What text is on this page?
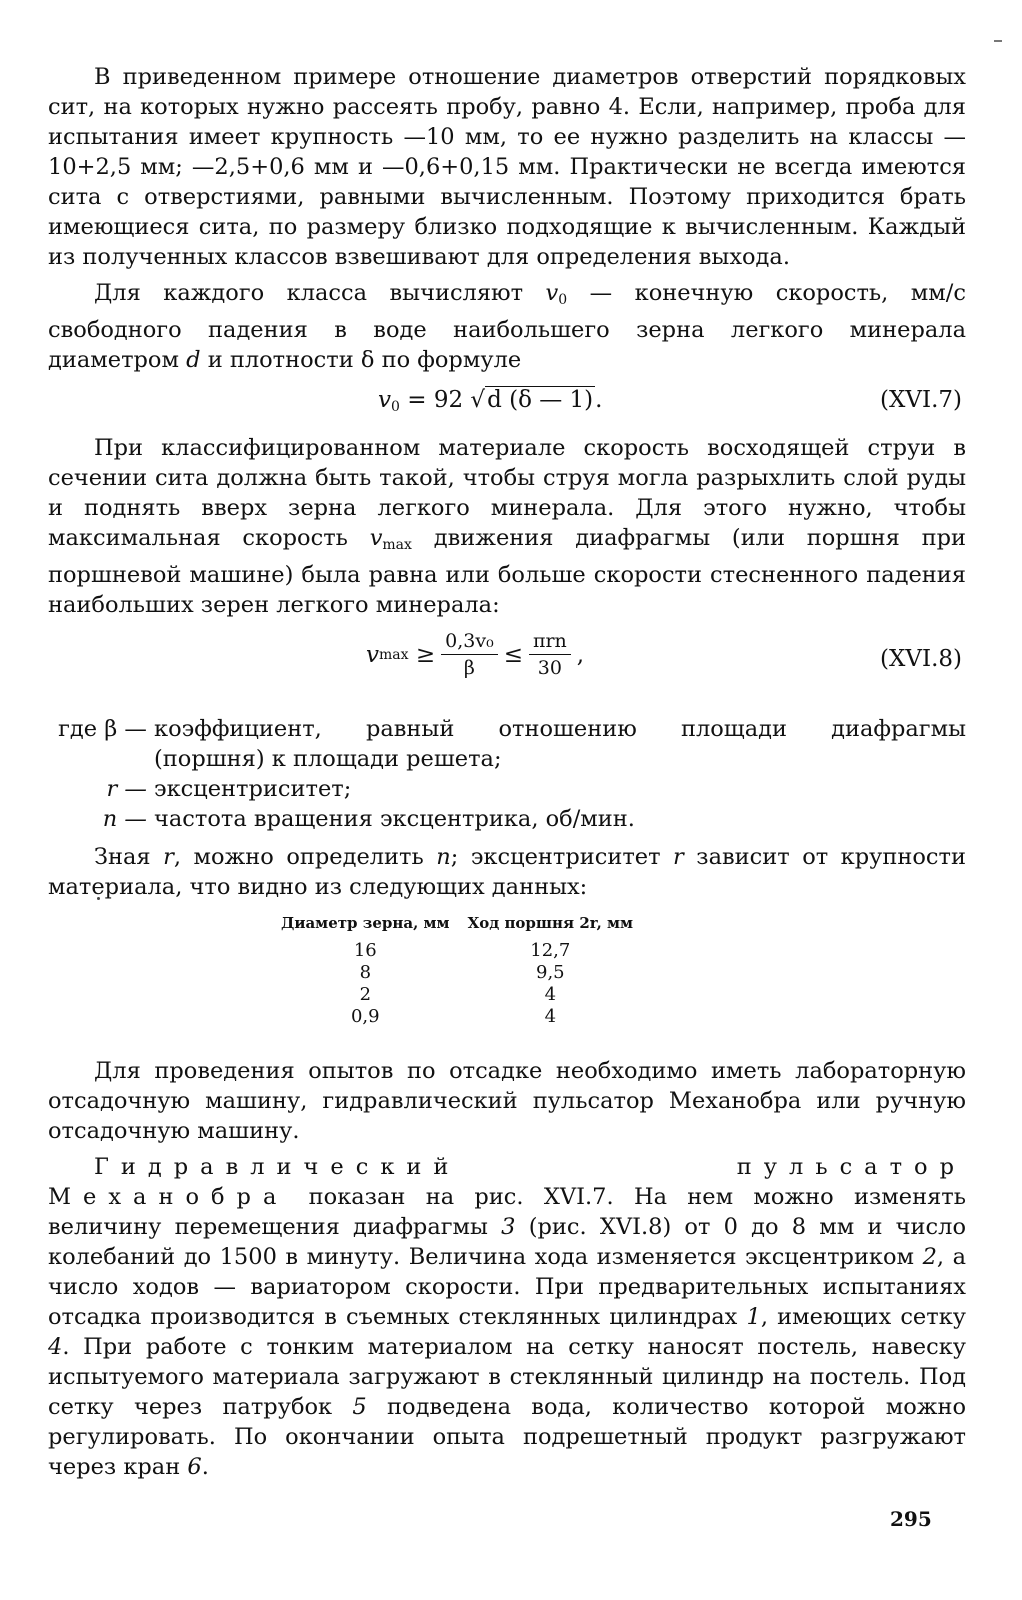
В приведенном примере отношение диаметров отверстий порядковых сит, на которых нужно рассеять пробу, равно 4. Если, например, проба для испытания имеет крупность —10 мм, то ее нужно разделить на классы —10+2,5 мм; —2,5+0,6 мм и —0,6+0,15 мм. Практически не всегда имеются сита с отверстиями, равными вычисленным. Поэтому приходится брать имеющиеся сита, по размеру близко подходящие к вычисленным. Каждый из полученных классов взвешивают для определения выхода.

Для каждого класса вычисляют $v_0$ — конечную скорость, мм/с свободного падения в воде наибольшего зерна легкого минерала диаметром d и плотности δ по формуле

$v_0 = 92$ √d (δ — 1).	(XVI.7)

При классифицированном материале скорость восходящей струи в сечении сита должна быть такой, чтобы струя могла разрыхлить слой руды и поднять вверх зерна легкого минерала. Для этого нужно, чтобы максимальная скорость $v_{max}$ движения диафрагмы (или поршня при поршневой машине) была равна или больше скорости стесненного падения наибольших зерен легкого минерала:

v max
≥ $\frac{\text{0,3v₀}}{\beta} \le \frac{\text{πrn}}{30}$ ,	(XVI.8)
где β — коэффициент, равный отношению площади диафрагмы
(поршня) к площади решета;
r — эксцентриситет;
n — частота вращения эксцентрика, об/мин.

Зная r, можно определить n; эксцентриситет r зависит от крупности материала, что видно из следующих данных:

Диаметр зерна, мм	Ход поршня 2r, мм
16	12,7
8	9,5
2	4
0,9	4

Для проведения опытов по отсадке необходимо иметь лабораторную отсадочную машину, гидравлический пульсатор Механобра или ручную отсадочную машину.

Гидравлический пульсатор Механобра показан на рис. XVI.7. На нем можно изменять величину перемещения диафрагмы 3 (рис. XVI.8) от 0 до 8 мм и число колебаний до 1500 в минуту. Величина хода изменяется эксцентриком 2, а число ходов — вариатором скорости. При предварительных испытаниях отсадка производится в съемных стеклянных цилиндрах 1, имеющих сетку 4. При работе с тонким материалом на сетку наносят постель, навеску испытуемого материала загружают в стеклянный цилиндр на постель. Под сетку через патрубок 5 подведена вода, количество которой можно регулировать. По окончании опыта подрешетный продукт разгружают через кран 6.

295
